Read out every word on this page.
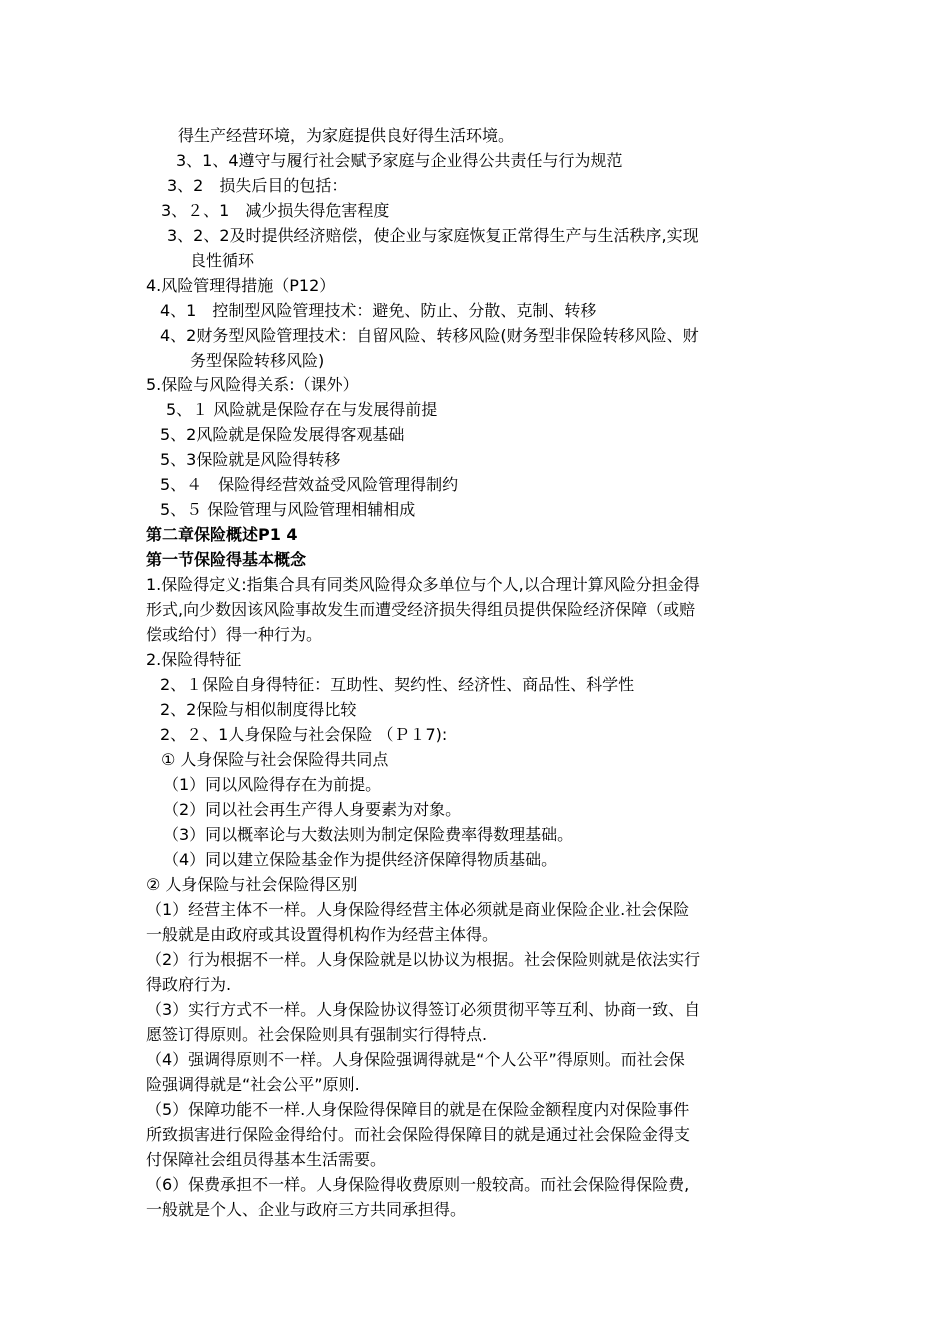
得生产经营环境，为家庭提供良好得生活环境。
3、1、4遵守与履行社会赋予家庭与企业得公共责任与行为规范
3、2　损失后目的包括：
3、２、1　减少损失得危害程度
3、2、2及时提供经济赔偿，使企业与家庭恢复正常得生产与生活秩序,实现
良性循环
4.风险管理得措施（P12）
4、1　控制型风险管理技术：避免、防止、分散、克制、转移
4、2财务型风险管理技术：自留风险、转移风险(财务型非保险转移风险、财
务型保险转移风险)
5.保险与风险得关系:（课外）
5、１ 风险就是保险存在与发展得前提
5、2风险就是保险发展得客观基础
5、3保险就是风险得转移
5、４　保险得经营效益受风险管理得制约
5、５ 保险管理与风险管理相辅相成
第二章保险概述P1 4
第一节保险得基本概念
1.保险得定义:指集合具有同类风险得众多单位与个人,以合理计算风险分担金得
形式,向少数因该风险事故发生而遭受经济损失得组员提供保险经济保障（或赔
偿或给付）得一种行为。
2.保险得特征
2、１保险自身得特征：互助性、契约性、经济性、商品性、科学性
2、2保险与相似制度得比较
2、２、1人身保险与社会保险 （Ｐ１7):
① 人身保险与社会保险得共同点
（1）同以风险得存在为前提。
（2）同以社会再生产得人身要素为对象。
（3）同以概率论与大数法则为制定保险费率得数理基础。
（4）同以建立保险基金作为提供经济保障得物质基础。
② 人身保险与社会保险得区别
（1）经营主体不一样。人身保险得经营主体必须就是商业保险企业.社会保险
一般就是由政府或其设置得机构作为经营主体得。
（2）行为根据不一样。人身保险就是以协议为根据。社会保险则就是依法实行
得政府行为.
（3）实行方式不一样。人身保险协议得签订必须贯彻平等互利、协商一致、自
愿签订得原则。社会保险则具有强制实行得特点.
（4）强调得原则不一样。人身保险强调得就是“个人公平”得原则。而社会保
险强调得就是“社会公平”原则.
（5）保障功能不一样.人身保险得保障目的就是在保险金额程度内对保险事件
所致损害进行保险金得给付。而社会保险得保障目的就是通过社会保险金得支
付保障社会组员得基本生活需要。
（6）保费承担不一样。人身保险得收费原则一般较高。而社会保险得保险费,
一般就是个人、企业与政府三方共同承担得。
